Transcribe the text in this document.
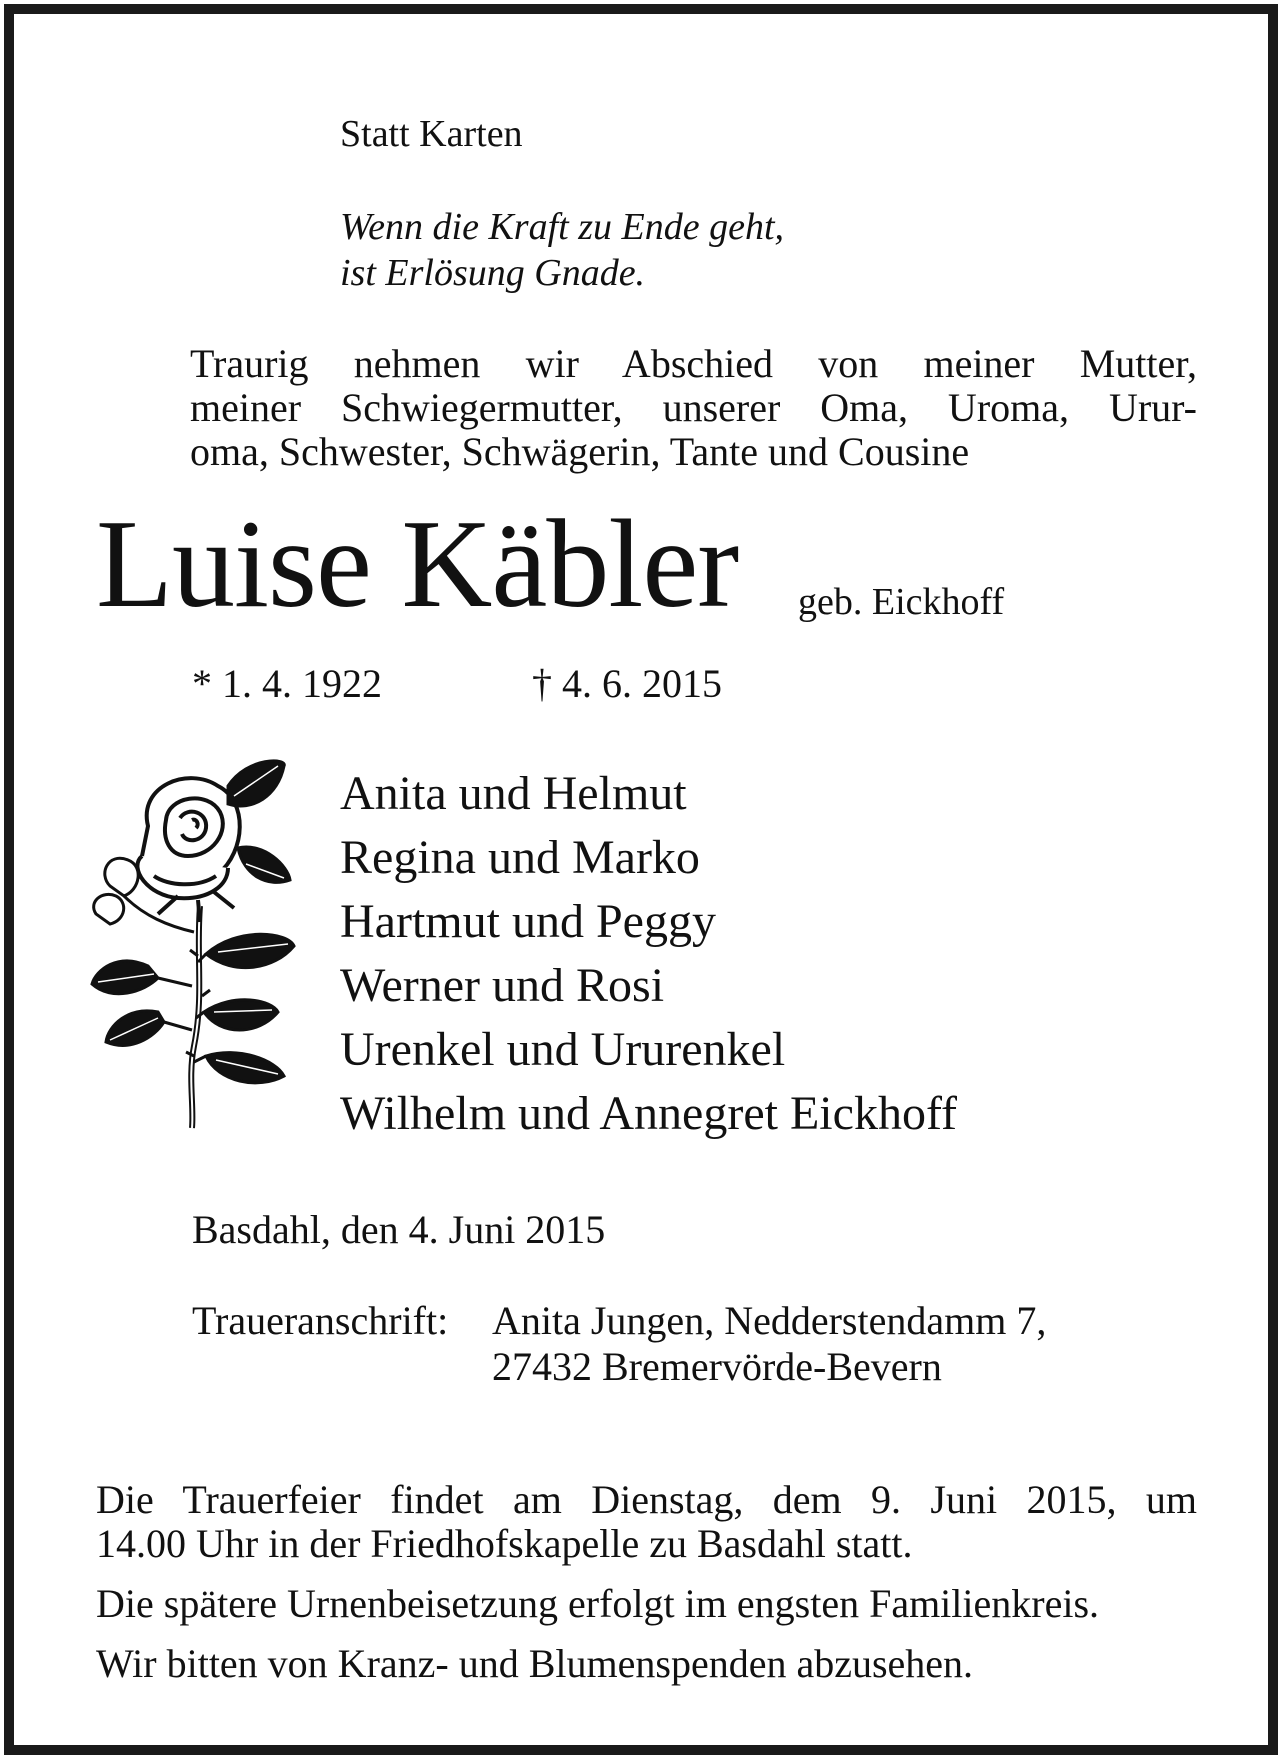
Statt Karten
Wenn die Kraft zu Ende geht,
ist Erlösung Gnade.
Traurig nehmen wir Abschied von meiner Mutter,
meiner Schwiegermutter, unserer Oma, Uroma, Urur-
oma, Schwester, Schwägerin, Tante und Cousine
Luise Käbler geb. Eickhoff
* 1. 4. 1922	† 4. 6. 2015
Anita und Helmut
Regina und Marko
Hartmut und Peggy
Werner und Rosi
Urenkel und Ururenkel
Wilhelm und Annegret Eickhoff
Basdahl, den 4. Juni 2015
Traueranschrift: Anita Jungen, Nedderstendamm 7,
27432 Bremervörde-Bevern
Die Trauerfeier findet am Dienstag, dem 9. Juni 2015, um
14.00 Uhr in der Friedhofskapelle zu Basdahl statt.
Die spätere Urnenbeisetzung erfolgt im engsten Familienkreis.
Wir bitten von Kranz- und Blumenspenden abzusehen.
